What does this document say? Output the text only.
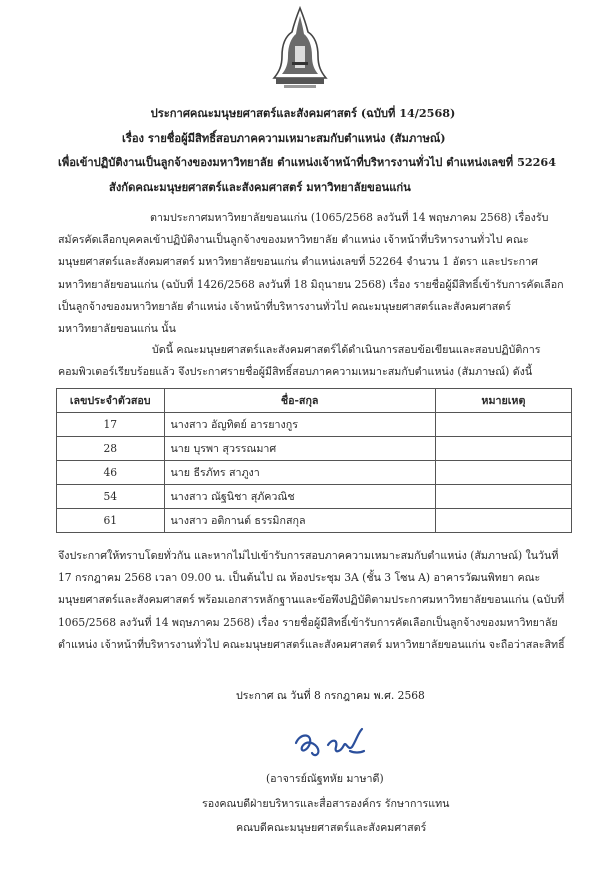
ประกาศคณะมนุษยศาสตร์และสังคมศาสตร์ (ฉบับที่ 14/2568)
เรื่อง รายชื่อผู้มีสิทธิ์สอบภาคความเหมาะสมกับตำแหน่ง (สัมภาษณ์)
เพื่อเข้าปฏิบัติงานเป็นลูกจ้างของมหาวิทยาลัย ตำแหน่งเจ้าหน้าที่บริหารงานทั่วไป ตำแหน่งเลขที่ 52264
สังกัดคณะมนุษยศาสตร์และสังคมศาสตร์ มหาวิทยาลัยขอนแก่น
ตามประกาศมหาวิทยาลัยขอนแก่น (1065/2568 ลงวันที่ 14 พฤษภาคม 2568) เรื่องรับสมัครคัดเลือกบุคคลเข้าปฏิบัติงานเป็นลูกจ้างของมหาวิทยาลัย ตำแหน่ง เจ้าหน้าที่บริหารงานทั่วไป คณะมนุษยศาสตร์และสังคมศาสตร์ มหาวิทยาลัยขอนแก่น ตำแหน่งเลขที่ 52264 จำนวน 1 อัตรา และประกาศมหาวิทยาลัยขอนแก่น (ฉบับที่ 1426/2568 ลงวันที่ 18 มิถุนายน 2568) เรื่อง รายชื่อผู้มีสิทธิ์เข้ารับการคัดเลือกเป็นลูกจ้างของมหาวิทยาลัย ตำแหน่ง เจ้าหน้าที่บริหารงานทั่วไป คณะมนุษยศาสตร์และสังคมศาสตร์ มหาวิทยาลัยขอนแก่น นั้น
บัดนี้ คณะมนุษยศาสตร์และสังคมศาสตร์ได้ดำเนินการสอบข้อเขียนและสอบปฏิบัติการคอมพิวเตอร์เรียบร้อยแล้ว จึงประกาศรายชื่อผู้มีสิทธิ์สอบภาคความเหมาะสมกับตำแหน่ง (สัมภาษณ์) ดังนี้
เลขประจำตัวสอบ	ชื่อ-สกุล	หมายเหตุ
17	นางสาว อัญทิตย์ อารยางกูร	
28	นาย บุรพา สุวรรณมาศ	
46	นาย ธีรภัทร สาภูงา	
54	นางสาว ณัฐนิชา สุภัควณิช	
61	นางสาว อติกานต์ ธรรมิกสกุล	
จึงประกาศให้ทราบโดยทั่วกัน และหากไม่ไปเข้ารับการสอบภาคความเหมาะสมกับตำแหน่ง (สัมภาษณ์) ในวันที่ 17 กรกฎาคม 2568 เวลา 09.00 น. เป็นต้นไป ณ ห้องประชุม 3A (ชั้น 3 โซน A) อาคารวัฒนพิทยา คณะมนุษยศาสตร์และสังคมศาสตร์ พร้อมเอกสารหลักฐานและข้อพึงปฏิบัติตามประกาศมหาวิทยาลัยขอนแก่น (ฉบับที่ 1065/2568 ลงวันที่ 14 พฤษภาคม 2568) เรื่อง รายชื่อผู้มีสิทธิ์เข้ารับการคัดเลือกเป็นลูกจ้างของมหาวิทยาลัย ตำแหน่ง เจ้าหน้าที่บริหารงานทั่วไป คณะมนุษยศาสตร์และสังคมศาสตร์ มหาวิทยาลัยขอนแก่น จะถือว่าสละสิทธิ์
ประกาศ ณ วันที่ 8 กรกฎาคม พ.ศ. 2568
(อาจารย์ณัฐทหัย มาษาดี)
รองคณบดีฝ่ายบริหารและสื่อสารองค์กร รักษาการแทน
คณบดีคณะมนุษยศาสตร์และสังคมศาสตร์
